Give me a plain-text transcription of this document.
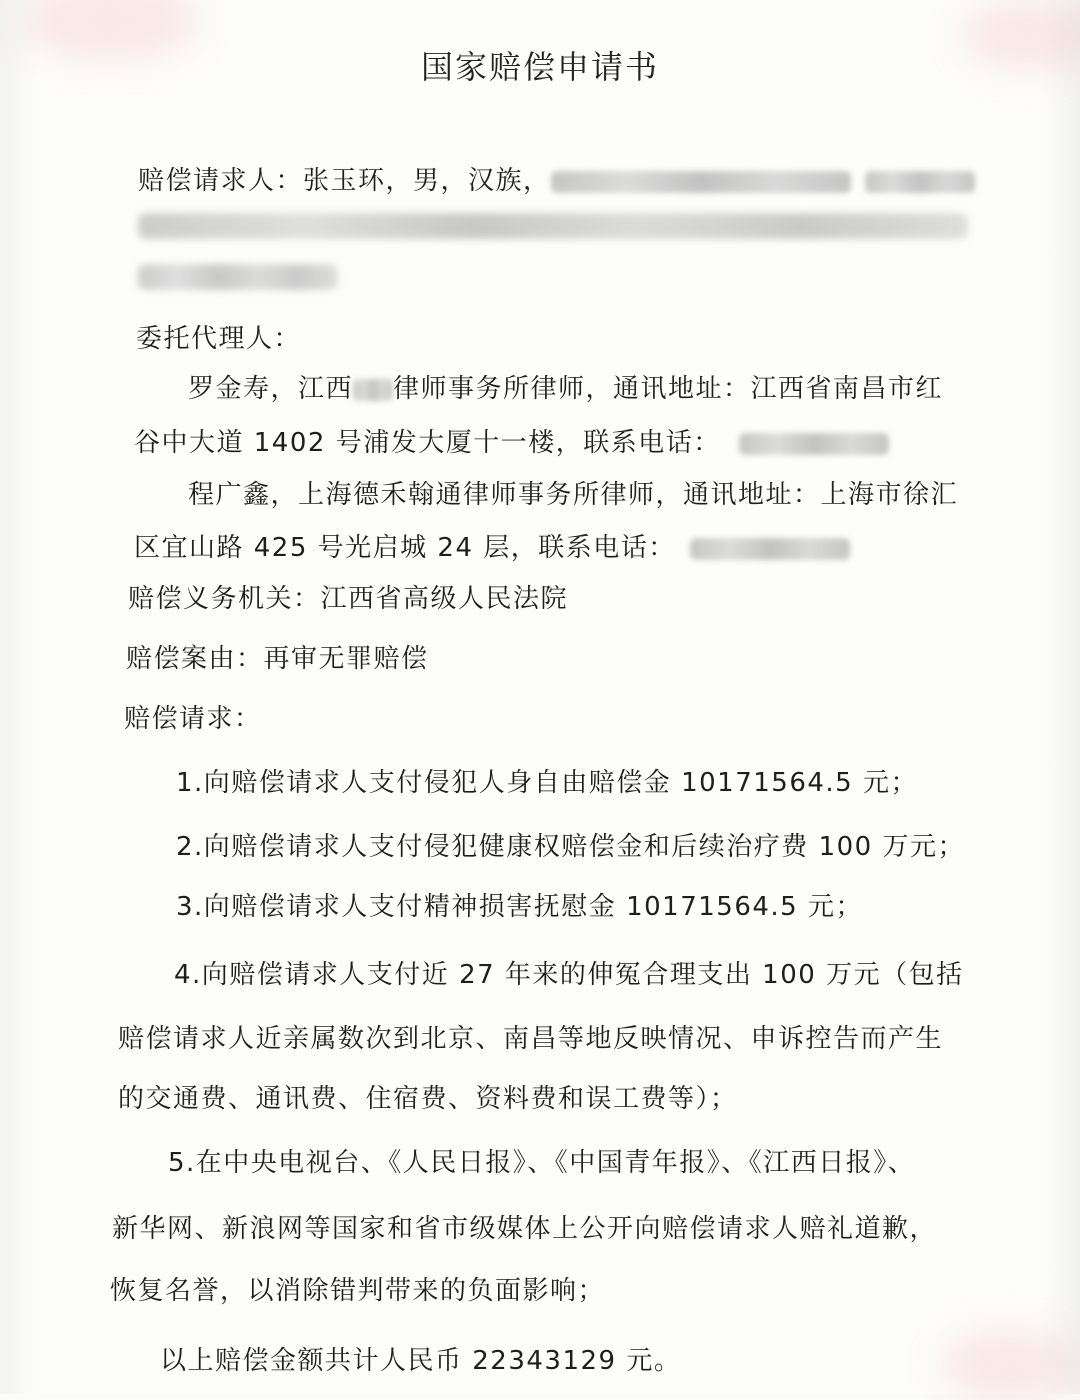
国家赔偿申请书
赔偿请求人：张玉环，男，汉族，
委托代理人：
罗金寿，江西 律师事务所律师，通讯地址：江西省南昌市红
谷中大道 1402 号浦发大厦十一楼，联系电话：
程广鑫，上海德禾翰通律师事务所律师，通讯地址：上海市徐汇
区宜山路 425 号光启城 24 层，联系电话：
赔偿义务机关：江西省高级人民法院
赔偿案由：再审无罪赔偿
赔偿请求：
1.向赔偿请求人支付侵犯人身自由赔偿金 10171564.5 元；
2.向赔偿请求人支付侵犯健康权赔偿金和后续治疗费 100 万元；
3.向赔偿请求人支付精神损害抚慰金 10171564.5 元；
4.向赔偿请求人支付近 27 年来的伸冤合理支出 100 万元（包括
赔偿请求人近亲属数次到北京、南昌等地反映情况、申诉控告而产生
的交通费、通讯费、住宿费、资料费和误工费等）；
5.在中央电视台、《人民日报》、《中国青年报》、《江西日报》、
新华网、新浪网等国家和省市级媒体上公开向赔偿请求人赔礼道歉，
恢复名誉，以消除错判带来的负面影响；
以上赔偿金额共计人民币 22343129 元。
